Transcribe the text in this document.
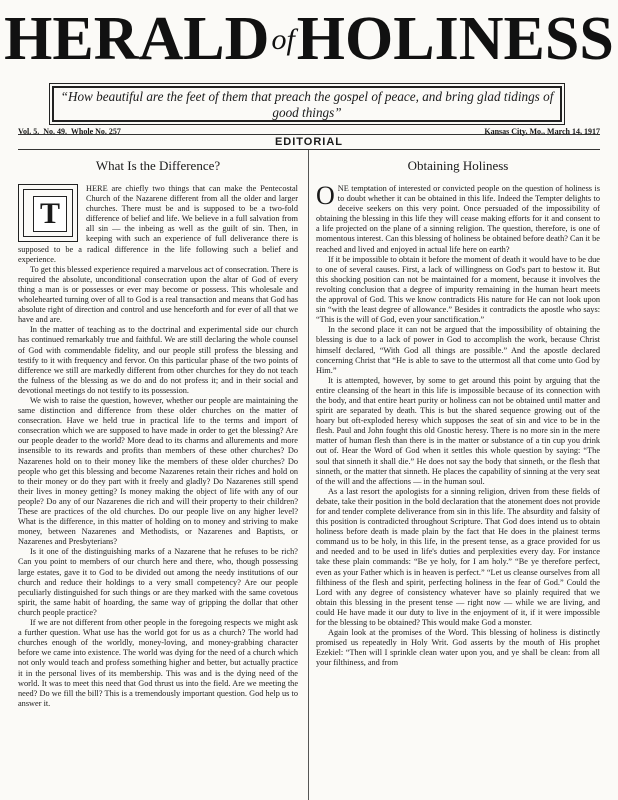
HERALDofHOLINESS
“How beautiful are the feet of them that preach the gospel of peace, and bring glad tidings of good things”
Vol. 5. No. 49. Whole No. 257	Kansas City, Mo., March 14, 1917
EDITORIAL
What Is the Difference?
T

HERE are chiefly two things that can make the Pentecostal Church of the Nazarene different from all the older and larger churches. There must be and is supposed to be a two-fold difference of belief and life. We believe in a full salvation from all sin — the inbeing as well as the guilt of sin. Then, in keeping with such an experience of full deliverance there is supposed to be a radical difference in the life following such a belief and experience.

To get this blessed experience required a marvelous act of consecration. There is required the absolute, unconditional consecration upon the altar of God of every thing a man is or possesses or ever may become or possess. This wholesale and wholehearted turning over of all to God is a real transaction and means that God has absolute right of direction and control and use henceforth and for ever of all that we have and are.

In the matter of teaching as to the doctrinal and experimental side our church has continued remarkably true and faithful. We are still declaring the whole counsel of God with commendable fidelity, and our people still profess the blessing and testify to it with frequency and fervor. On this particular phase of the two points of difference we still are markedly different from other churches for they do not teach the fulness of the blessing as we do and do not profess it; and in their social and devotional meetings do not testify to its possession.

We wish to raise the question, however, whether our people are maintaining the same distinction and difference from these older churches on the matter of consecration. Have we held true in practical life to the terms and import of consecration which we are supposed to have made in order to get the blessing? Are our people deader to the world? More dead to its charms and allurements and more insensible to its rewards and profits than members of these other churches? Do Nazarenes hold on to their money like the members of these older churches? Do people who get this blessing and become Nazarenes retain their riches and hold on to their money or do they part with it freely and gladly? Do Nazarenes still spend their lives in money getting? Is money making the object of life with any of our people? Do any of our Nazarenes die rich and will their property to their children? These are practices of the old churches. Do our people live on any higher level? What is the difference, in this matter of holding on to money and striving to make money, between Nazarenes and Methodists, or Nazarenes and Baptists, or Nazarenes and Presbyterians?

Is it one of the distinguishing marks of a Nazarene that he refuses to be rich? Can you point to members of our church here and there, who, though possessing large estates, gave it to God to be divided out among the needy institutions of our church and reduce their holdings to a very small competency? Are our people peculiarly distinguished for such things or are they marked with the same covetous spirit, the same habit of hoarding, the same way of gripping the dollar that other church people practice?

If we are not different from other people in the foregoing respects we might ask a further question. What use has the world got for us as a church? The world had churches enough of the worldly, money-loving, and money-grabbing character before we came into existence. The world was dying for the need of a church which not only would teach and profess something higher and better, but actually practice it in the personal lives of its membership. This was and is the dying need of the world. It was to meet this need that God thrust us into the field. Are we meeting the need? Do we fill the bill? This is a tremendously important question. God help us to answer it.

Obtaining Holiness

ONE temptation of interested or convicted people on the question of holiness is to doubt whether it can be obtained in this life. Indeed the Tempter delights to deceive seekers on this very point. Once persuaded of the impossibility of obtaining the blessing in this life they will cease making efforts for it and consent to a life projected on the plane of a sinning religion. The question, therefore, is one of momentous interest. Can this blessing of holiness be obtained before death? Can it be reached and lived and enjoyed in actual life here on earth?

If it be impossible to obtain it before the moment of death it would have to be due to one of several causes. First, a lack of willingness on God's part to bestow it. But this shocking position can not be maintained for a moment, because it involves the revolting conclusion that a degree of impurity remaining in the human heart meets the approval of God. This we know contradicts His nature for He can not look upon sin “with the least degree of allowance.” Besides it contradicts the apostle who says: “This is the will of God, even your sanctification.”

In the second place it can not be argued that the impossibility of obtaining the blessing is due to a lack of power in God to accomplish the work, because Christ himself declared, “With God all things are possible.” And the apostle declared concerning Christ that “He is able to save to the uttermost all that come unto God by Him.”

It is attempted, however, by some to get around this point by arguing that the entire cleansing of the heart in this life is impossible because of its connection with the body, and that entire heart purity or holiness can not be obtained until matter and spirit are separated by death. This is but the shared sequence growing out of the hoary but oft-exploded heresy which supposes the seat of sin and vice to be in the flesh. Paul and John fought this old Gnostic heresy. There is no more sin in the mere matter of human flesh than there is in the matter or substance of a tin cup you drink out of. Hear the Word of God when it settles this whole question by saying: “The soul that sinneth it shall die.” He does not say the body that sinneth, or the flesh that sinneth, or the matter that sinneth. He places the capability of sinning at the very seat of the will and the affections — in the human soul.

As a last resort the apologists for a sinning religion, driven from these fields of debate, take their position in the bold declaration that the atonement does not provide for and tender complete deliverance from sin in this life. The absurdity and falsity of this position is contradicted throughout Scripture. That God does intend us to obtain holiness before death is made plain by the fact that He does in the plainest terms command us to be holy, in this life, in the present tense, as a grace provided for us and needed and to be used in life's duties and perplexities every day. For instance take these plain commands: “Be ye holy, for I am holy.” “Be ye therefore perfect, even as your Father which is in heaven is perfect.” “Let us cleanse ourselves from all filthiness of the flesh and spirit, perfecting holiness in the fear of God.” Could the Lord with any degree of consistency whatever have so plainly required that we obtain this blessing in the present tense — right now — while we are living, and could He have made it our duty to live in the enjoyment of it, if it were impossible for the blessing to be obtained? This would make God a monster.

Again look at the promises of the Word. This blessing of holiness is distinctly promised us repeatedly in Holy Writ. God asserts by the mouth of His prophet Ezekiel: “Then will I sprinkle clean water upon you, and ye shall be clean: from all your filthiness, and from
